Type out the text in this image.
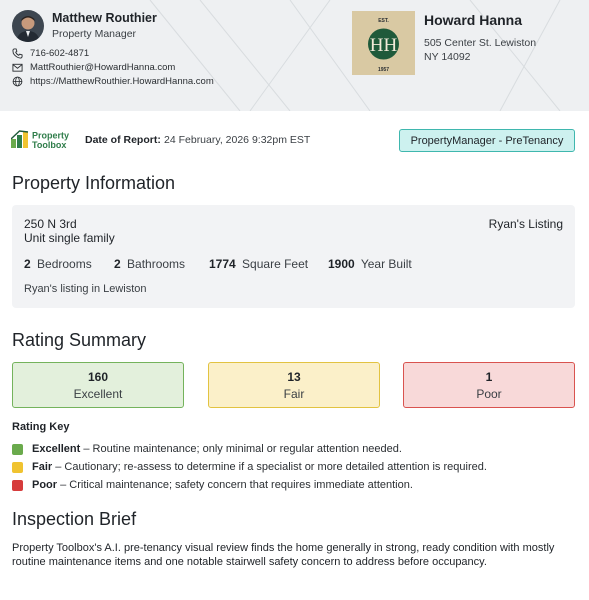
Matthew Routhier
Property Manager
716-602-4871
MattRouthier@HowardHanna.com
https://MatthewRouthier.HowardHanna.com
EST.
HH
1957
Howard Hanna
505 Center St. Lewiston
NY 14092
Property
Toolbox Date of Report: 24 February, 2026 9:32pm EST	PropertyManager - PreTenancy
Property Information
250 N 3rd
Unit single family
Ryan's Listing
2 Bedrooms 2 Bathrooms 1774 Square Feet 1900 Year Built
Ryan's listing in Lewiston
Rating Summary
160
Excellent
13
Fair
1
Poor
Rating Key
Excellent – Routine maintenance; only minimal or regular attention needed.
Fair – Cautionary; re-assess to determine if a specialist or more detailed attention is required.
Poor – Critical maintenance; safety concern that requires immediate attention.
Inspection Brief
Property Toolbox's A.I. pre-tenancy visual review finds the home generally in strong, ready condition with mostly routine maintenance items and one notable stairwell safety concern to address before occupancy.
